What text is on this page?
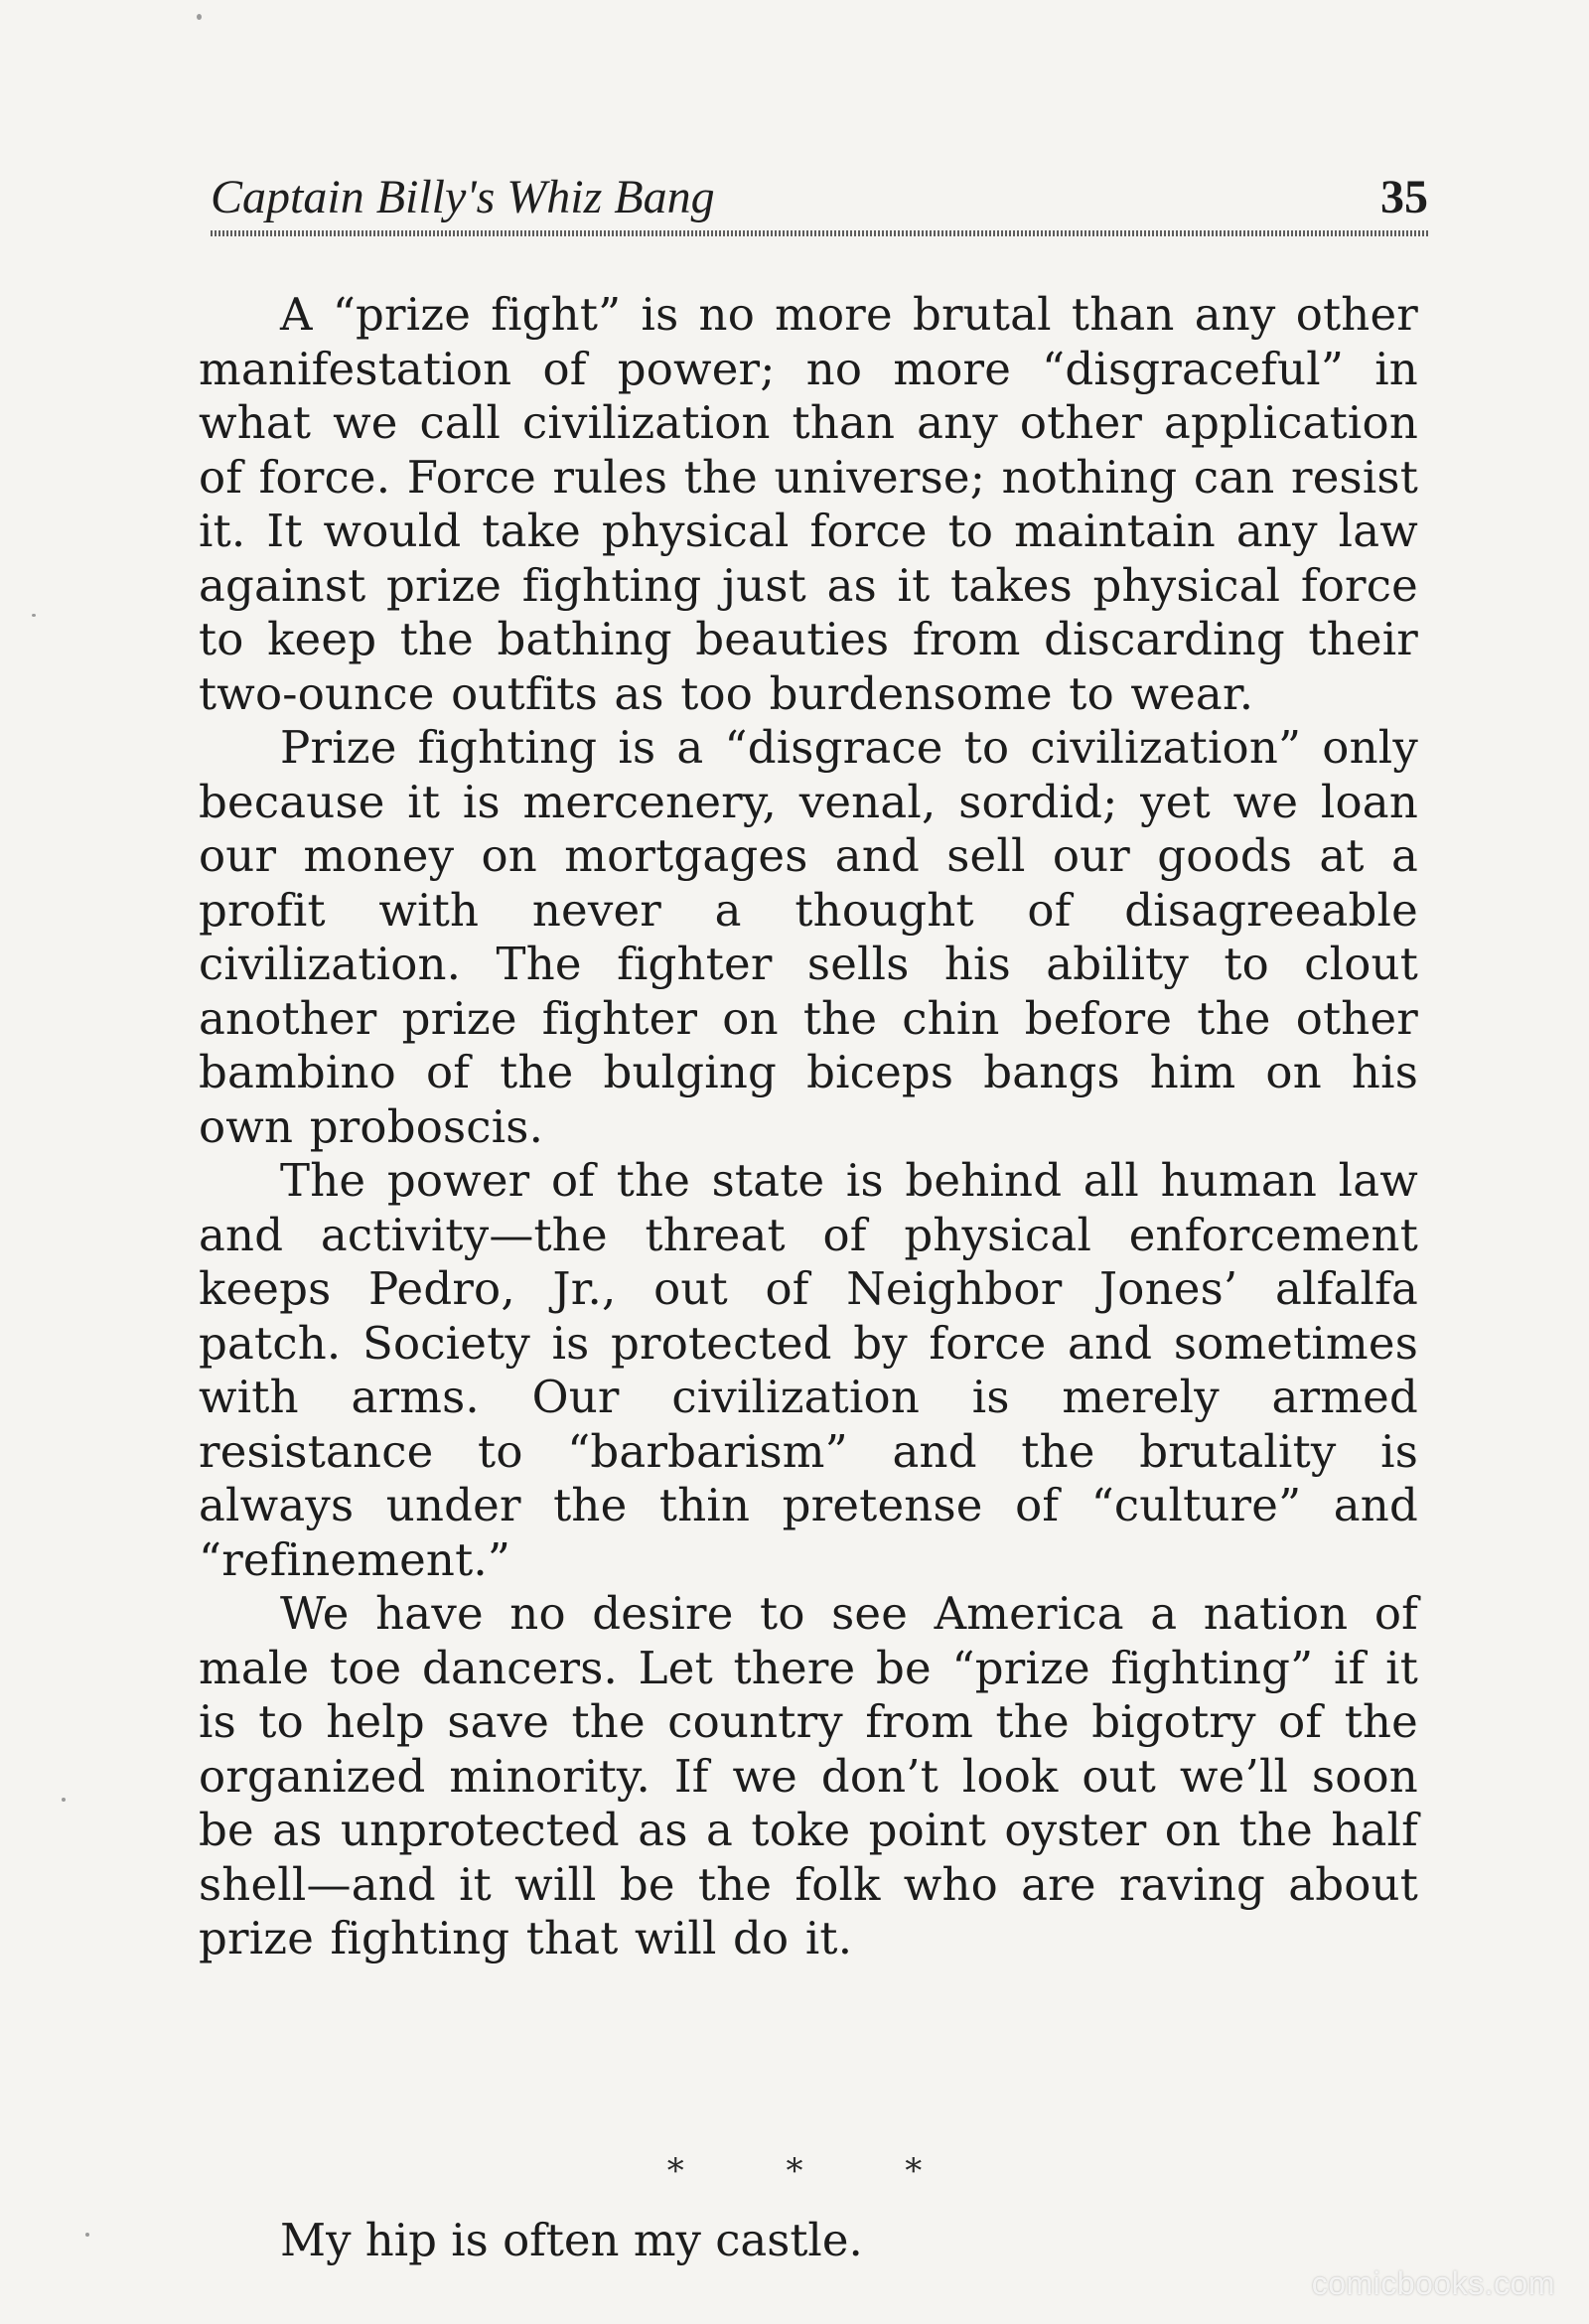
Captain Billy's Whiz Bang	35

A “prize fight” is no more brutal than any other manifestation of power; no more “disgraceful” in what we call civilization than any other application of force. Force rules the universe; nothing can resist it. It would take physical force to maintain any law against prize fighting just as it takes physical force to keep the bathing beauties from discarding their two-ounce outfits as too burdensome to wear.

Prize fighting is a “disgrace to civilization” only because it is mercenery, venal, sordid; yet we loan our money on mortgages and sell our goods at a profit with never a thought of disagreeable civilization. The fighter sells his ability to clout another prize fighter on the chin before the other bambino of the bulging biceps bangs him on his own proboscis.

The power of the state is behind all human law and activity—the threat of physical enforcement keeps Pedro, Jr., out of Neighbor Jones’ alfalfa patch. Society is protected by force and sometimes with arms. Our civilization is merely armed resistance to “barbarism” and the brutality is always under the thin pretense of “culture” and “refinement.”

We have no desire to see America a nation of male toe dancers. Let there be “prize fighting” if it is to help save the country from the bigotry of the organized minority. If we don’t look out we’ll soon be as unprotected as a toke point oyster on the half shell—and it will be the folk who are raving about prize fighting that will do it.

* * *
My hip is often my castle.
comicbooks.com
